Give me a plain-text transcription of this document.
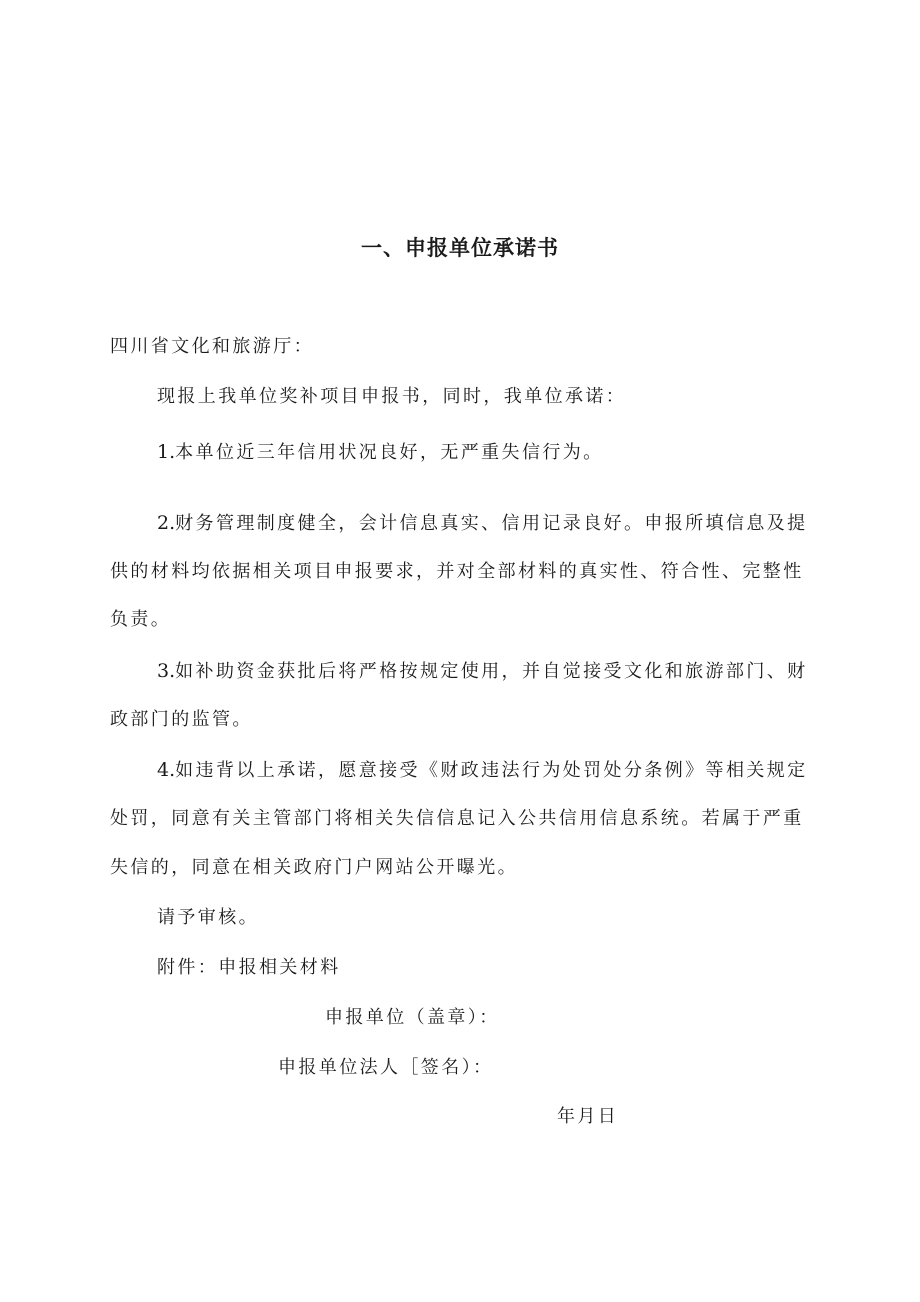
一、申报单位承诺书
四川省文化和旅游厅：
现报上我单位奖补项目申报书，同时，我单位承诺：
1.本单位近三年信用状况良好，无严重失信行为。
2.财务管理制度健全，会计信息真实、信用记录良好。申报所填信息及提
供的材料均依据相关项目申报要求，并对全部材料的真实性、符合性、完整性
负责。
3.如补助资金获批后将严格按规定使用，并自觉接受文化和旅游部门、财
政部门的监管。
4.如违背以上承诺，愿意接受《财政违法行为处罚处分条例》等相关规定
处罚，同意有关主管部门将相关失信信息记入公共信用信息系统。若属于严重
失信的，同意在相关政府门户网站公开曝光。
请予审核。
附件：申报相关材料
申报单位（盖章）：
申报单位法人［签名）：
年月日
